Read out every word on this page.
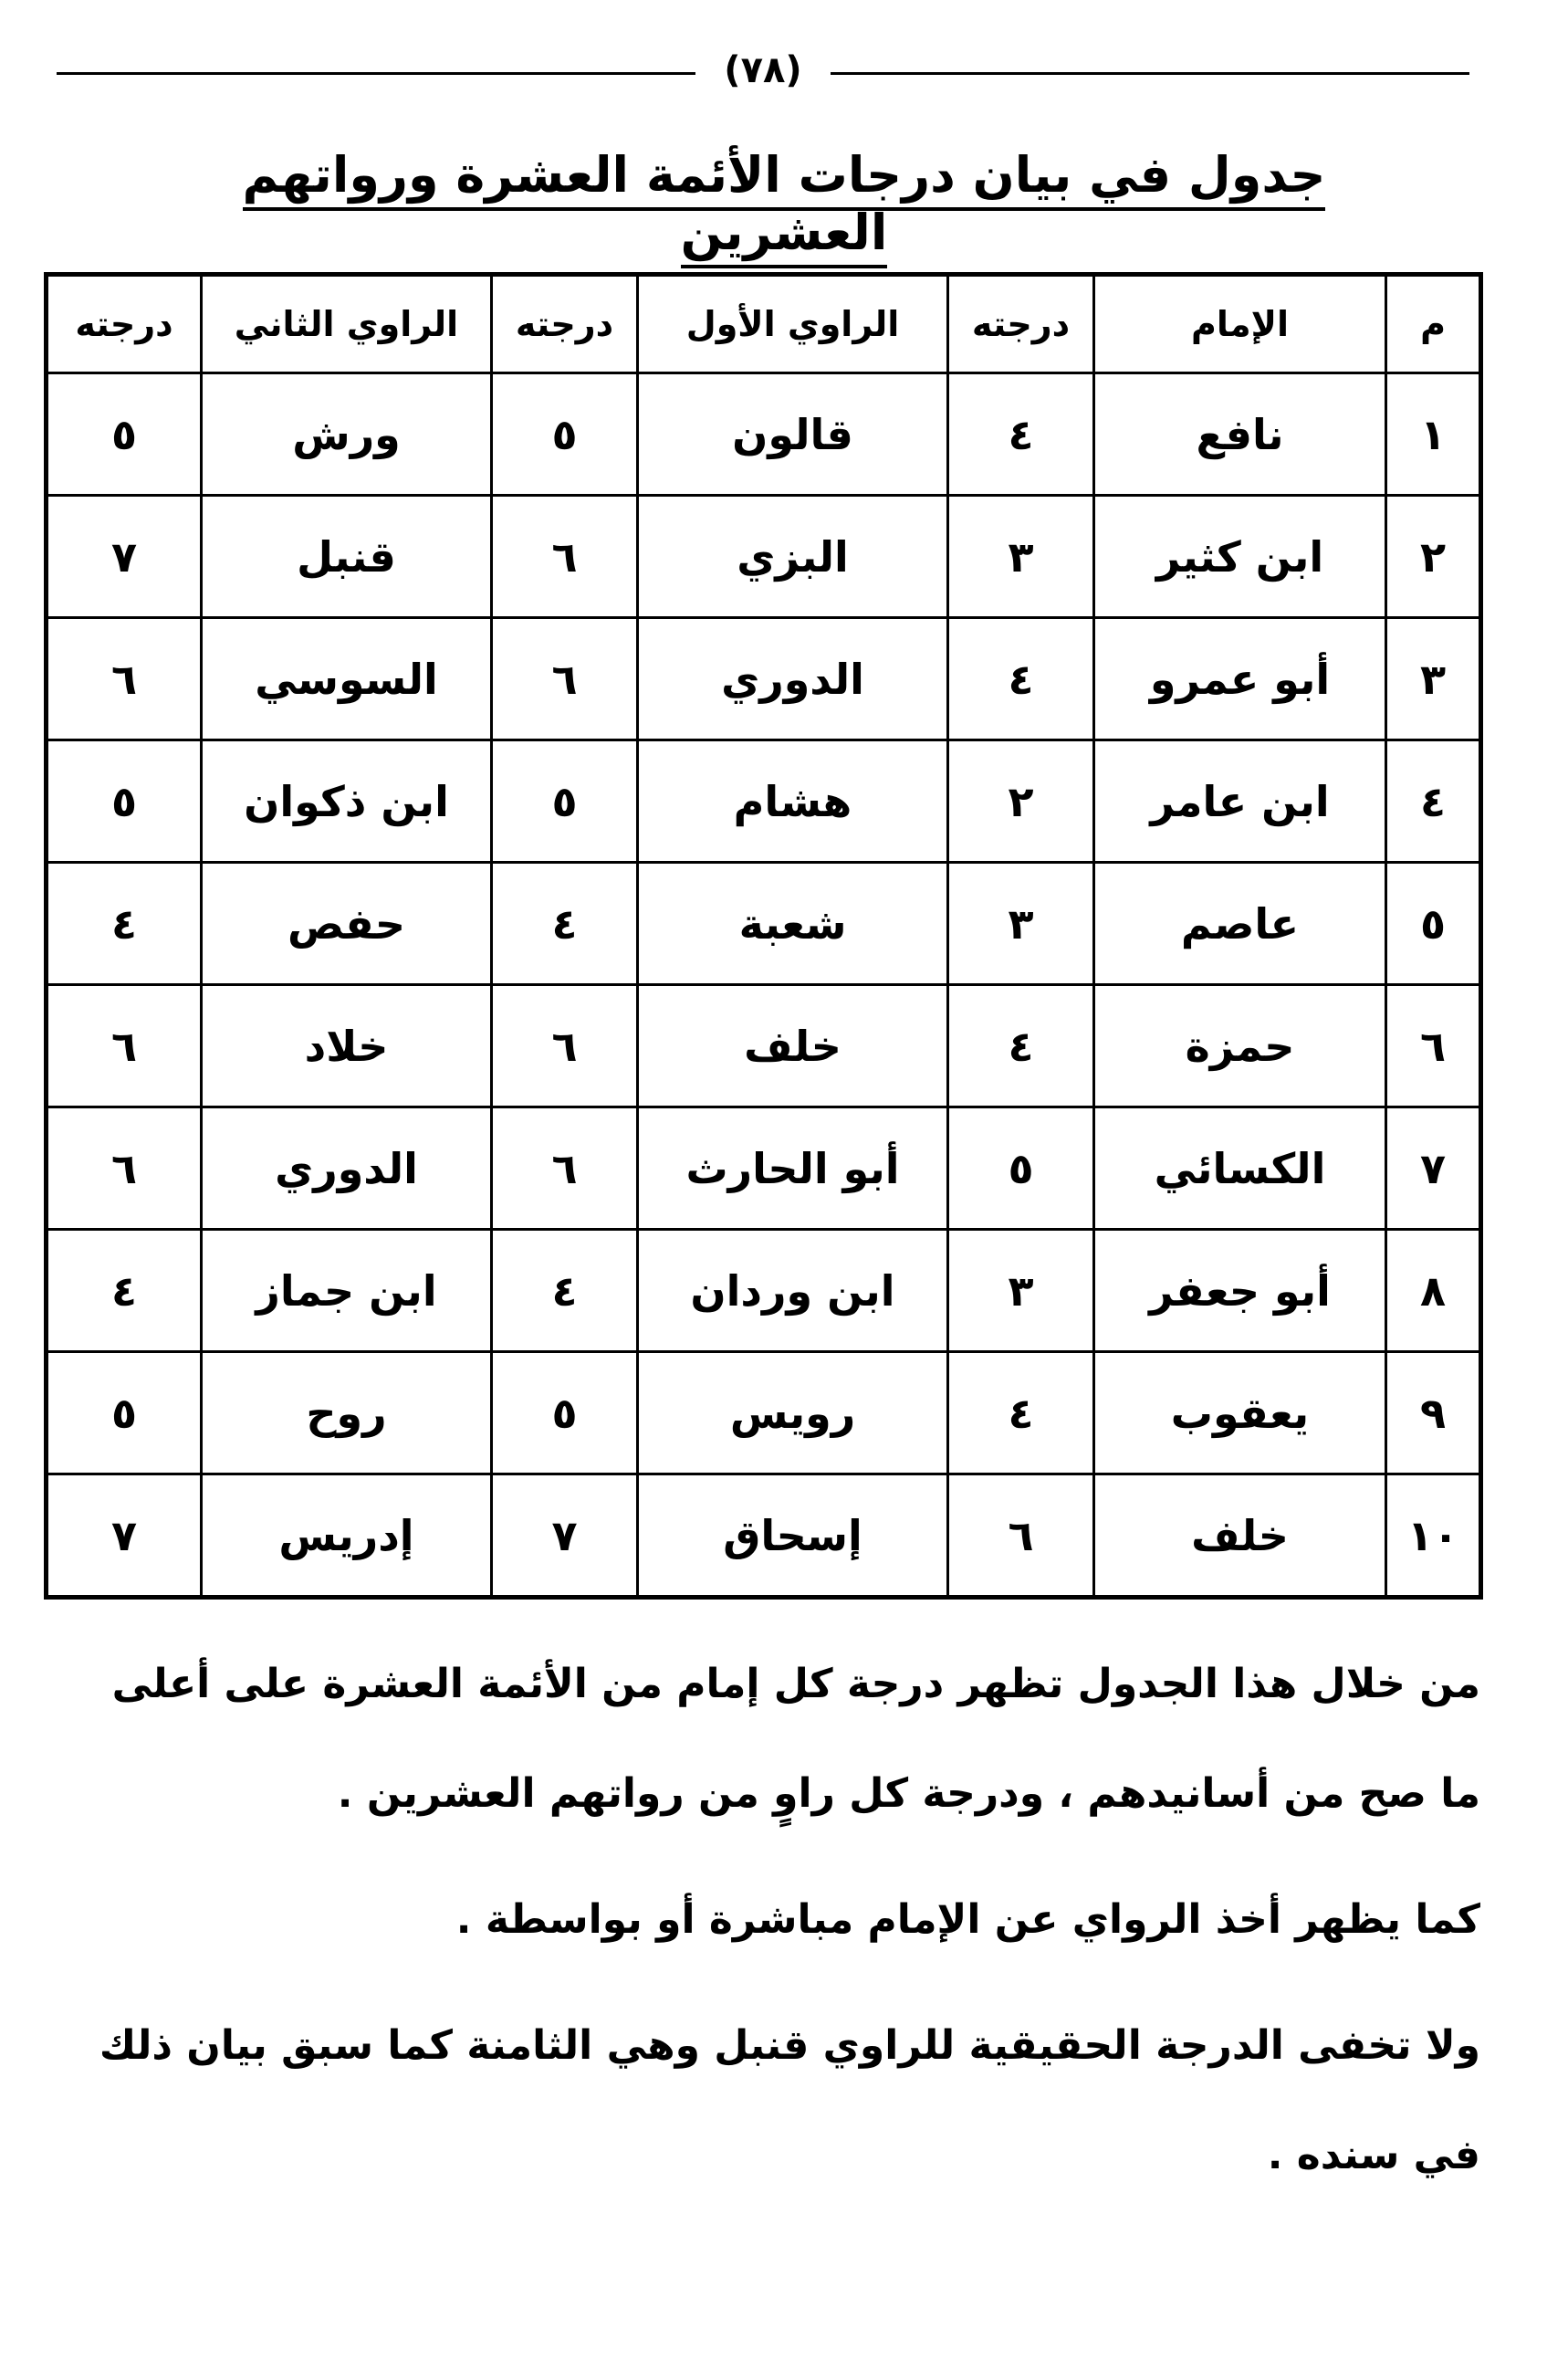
(٧٨)
جدول في بيان درجات الأئمة العشرة ورواتهم العشرين
م	الإمام	درجته	الراوي الأول	درجته	الراوي الثاني	درجته
١	نافع	٤	قالون	٥	ورش	٥
٢	ابن كثير	٣	البزي	٦	قنبل	٧
٣	أبو عمرو	٤	الدوري	٦	السوسي	٦
٤	ابن عامر	٢	هشام	٥	ابن ذكوان	٥
٥	عاصم	٣	شعبة	٤	حفص	٤
٦	حمزة	٤	خلف	٦	خلاد	٦
٧	الكسائي	٥	أبو الحارث	٦	الدوري	٦
٨	أبو جعفر	٣	ابن وردان	٤	ابن جماز	٤
٩	يعقوب	٤	رويس	٥	روح	٥
١٠	خلف	٦	إسحاق	٧	إدريس	٧

من خلال هذا الجدول تظهر درجة كل إمام من الأئمة العشرة على أعلى ما صح من أسانيدهم ، ودرجة كل راوٍ من رواتهم العشرين .

كما يظهر أخذ الرواي عن الإمام مباشرة أو بواسطة .

ولا تخفى الدرجة الحقيقية للراوي قنبل وهي الثامنة كما سبق بيان ذلك في سنده .
